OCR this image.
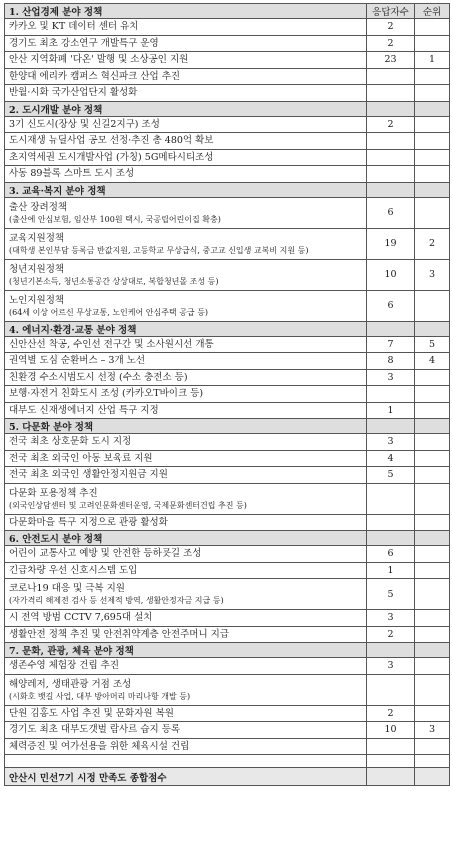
1. 산업경제 분야 정책	응답자수	순위

카카오 및 KT 데이터 센터 유치	2	

경기도 최초 강소연구 개발특구 운영	2	

안산 지역화폐 '다온' 발행 및 소상공인 지원	23	1

한양대 에리카 캠퍼스 혁신파크 산업 추진		

반월·시화 국가산업단지 활성화		

2. 도시개발 분야 정책		

3기 신도시(장상 및 신길2지구) 조성	2	

도시재생 뉴딜사업 공모 선정·추진 총 480억 확보		

초지역세권 도시개발사업 (가칭) 5G메타시티조성		

사동 89블록 스마트 도시 조성		

3. 교육·복지 분야 정책		

출산 장려정책
(출산에 안심보험, 임산부 100원 택시, 국공립어린이집 확충)	6	

교육지원정책
(대학생 본인부담 등록금 반값지원, 고등학교 무상급식, 중고교 신입생 교복비 지원 등)	19	2

청년지원정책
(청년기본소득, 청년소통공간 상상대로, 복합청년몰 조성 등)	10	3

노인지원정책
(64세 이상 어르신 무상교통, 노인케어 안심주택 공급 등)	6	
4. 에너지·환경·교통 분야 정책		

신안산선 착공, 수인선 전구간 및 소사원시선 개통	7	5

권역별 도심 순환버스 – 3개 노선	8	4

친환경 수소시범도시 선정 (수소 충전소 등)	3	

보행·자전거 친화도시 조성 (카카오T바이크 등)		

대부도 신재생에너지 산업 특구 지정	1	
5. 다문화 분야 정책		

전국 최초 상호문화 도시 지정	3	

전국 최초 외국인 아동 보육료 지원	4	

전국 최초 외국인 생활안정지원금 지원	5	

다문화 포용정책 추진
(외국인상담센터 및 고려인문화센터운영, 국제문화센터건립 추진 등)		

다문화마을 특구 지정으로 관광 활성화		

6. 안전도시 분야 정책		

어린이 교통사고 예방 및 안전한 등하굣길 조성	6	

긴급차량 우선 신호시스템 도입	1	

코로나19 대응 및 극복 지원
(자가격리 해제전 검사 등 선제적 방역, 생활안정자금 지급 등)	5	

시 전역 방범 CCTV 7,695대 설치	3	

생활안전 정책 추진 및 안전취약계층 안전주머니 지급	2	
7. 문화, 관광, 체육 분야 정책		

생존수영 체험장 건립 추진	3	

해양레저, 생태관광 거점 조성
(시화호 뱃길 사업, 대부 방아머리 마리나항 개발 등)		

단원 김홍도 사업 추진 및 문화자원 복원	2	

경기도 최초 대부도갯벌 람사르 습지 등록	10	3

체력증진 및 여가선용을 위한 체육시설 건립		

안산시 민선7기 시정 만족도 종합점수		
